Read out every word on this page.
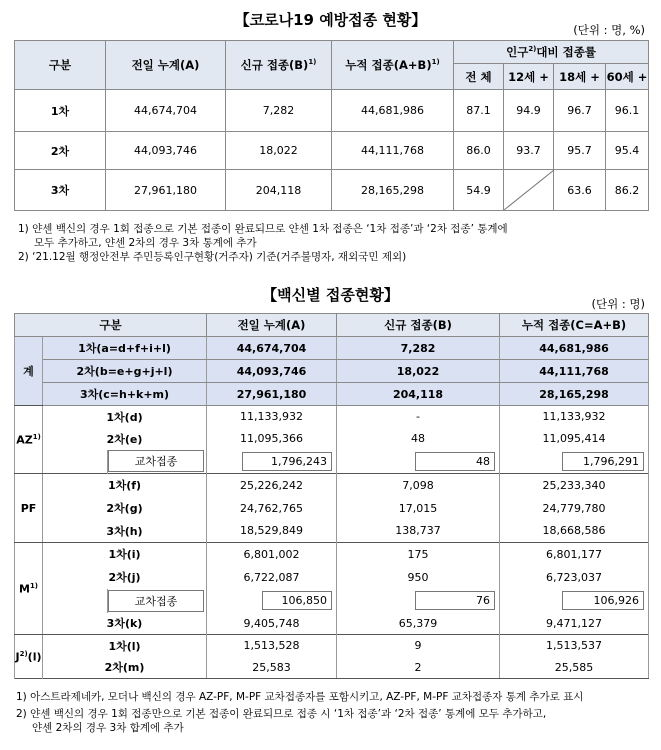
【코로나19 예방접종 현황】
(단위 : 명, %)
구분	전일 누계(A)	신규 접종$(B)^{1)}$	누적 접종$(A+B)^{1)}$	인구$^{2)}$대비 접종률			
				전 체	12세 +	18세 +	60세 +
1차	44,674,704	7,282	44,681,986	87.1	94.9	96.7	96.1
2차	44,093,746	18,022	44,111,768	86.0	93.7	95.7	95.4
3차	27,961,180	204,118	28,165,298	54.9		63.6	86.2
1) 얀센 백신의 경우 1회 접종으로 기본 접종이 완료되므로 얀센 1차 접종은 ‘1차 접종’과 ‘2차 접종’ 통계에
모두 추가하고, 얀센 2차의 경우 3차 통계에 추가
2) ‘21.12월 행정안전부 주민등록인구현황(거주자) 기준(거주불명자, 재외국민 제외)
【백신별 접종현황】	(단위 : 명)
구분			전일 누계(A)	신규 접종(B)	누적 접종(C=A+B)
계	1차(a=d+f+i+l)		44,674,704	7,282	44,681,986
	2차(b=e+g+j+l)		44,093,746	18,022	44,111,768
	3차(c=h+k+m)		27,961,180	204,118	28,165,298
AZ$^{1)}$	1차(d)		11,133,932	-	11,133,932
	2차(e)		11,095,366	48	11,095,414
		교차접종	1,796,243	48	1,796,291
PF	1차(f)		25,226,242	7,098	25,233,340
	2차(g)		24,762,765	17,015	24,779,780
	3차(h)		18,529,849	138,737	18,668,586
$M^{1)}$	1차(i)		6,801,002	175	6,801,177
	2차(j)		6,722,087	950	6,723,037
		교차접종	106,850	76	106,926
	3차(k)		9,405,748	65,379	9,471,127
$J^{2)}(l)$	1차(l)		1,513,528	9	1,513,537
	2차(m)		25,583	2	25,585
1) 아스트라제네카, 모더나 백신의 경우 AZ-PF, M-PF 교차접종자를 포함시키고, AZ-PF, M-PF 교차접종자 통계 추가로 표시
2) 얀센 백신의 경우 1회 접종만으로 기본 접종이 완료되므로 접종 시 ‘1차 접종’과 ‘2차 접종’ 통계에 모두 추가하고,
얀센 2차의 경우 3차 합계에 추가
